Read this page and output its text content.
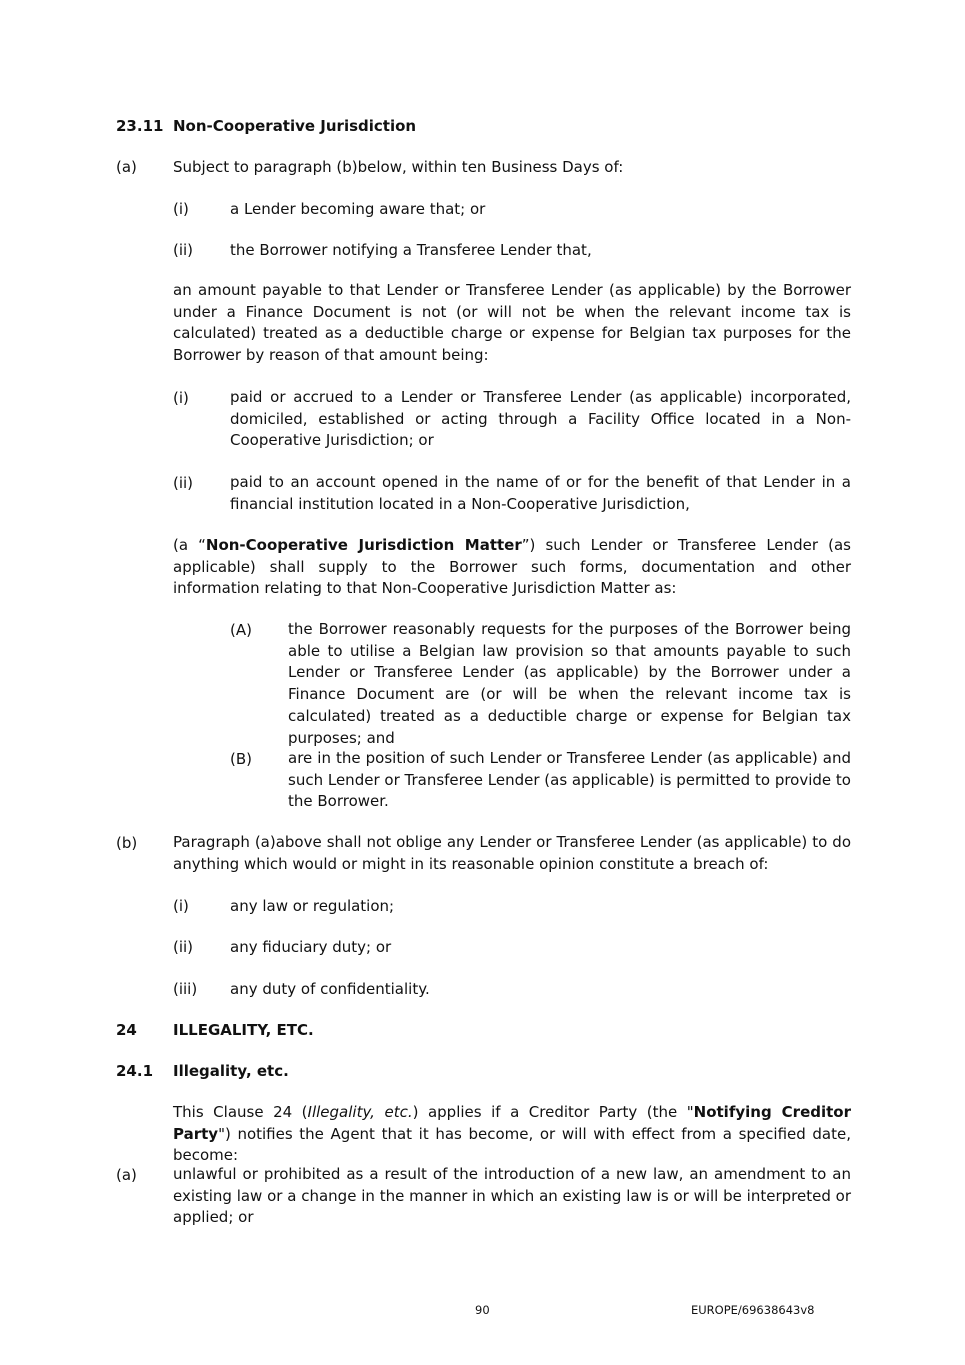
23.11 Non-Cooperative Jurisdiction
(a) Subject to paragraph (b)below, within ten Business Days of:
(i)	a Lender becoming aware that; or
(ii) the Borrower notifying a Transferee Lender that,
an amount payable to that Lender or Transferee Lender (as applicable) by the Borrower under a Finance Document is not (or will not be when the relevant income tax is calculated) treated as a deductible charge or expense for Belgian tax purposes for the Borrower by reason of that amount being:
(i)	paid or accrued to a Lender or Transferee Lender (as applicable) incorporated, domiciled, established or acting through a Facility Office located in a Non-Cooperative Jurisdiction; or
(ii) paid to an account opened in the name of or for the benefit of that Lender in a financial institution located in a Non-Cooperative Jurisdiction,
(a “Non-Cooperative Jurisdiction Matter”) such Lender or Transferee Lender (as applicable) shall supply to the Borrower such forms, documentation and other information relating to that Non-Cooperative Jurisdiction Matter as:
(A) the Borrower reasonably requests for the purposes of the Borrower being able to utilise a Belgian law provision so that amounts payable to such Lender or Transferee Lender (as applicable) by the Borrower under a Finance Document are (or will be when the relevant income tax is calculated) treated as a deductible charge or expense for Belgian tax purposes; and
(B) are in the position of such Lender or Transferee Lender (as applicable) and such Lender or Transferee Lender (as applicable) is permitted to provide to the Borrower.
(b) Paragraph (a)above shall not oblige any Lender or Transferee Lender (as applicable) to do anything which would or might in its reasonable opinion constitute a breach of:
(i)	any law or regulation;
(ii) any fiduciary duty; or
(iii) any duty of confidentiality.
24 ILLEGALITY, ETC.
24.1 Illegality, etc.
This Clause 24 (Illegality, etc.) applies if a Creditor Party (the "Notifying Creditor Party") notifies the Agent that it has become, or will with effect from a specified date, become:
(a) unlawful or prohibited as a result of the introduction of a new law, an amendment to an existing law or a change in the manner in which an existing law is or will be interpreted or applied; or
90	EUROPE/69638643v8
